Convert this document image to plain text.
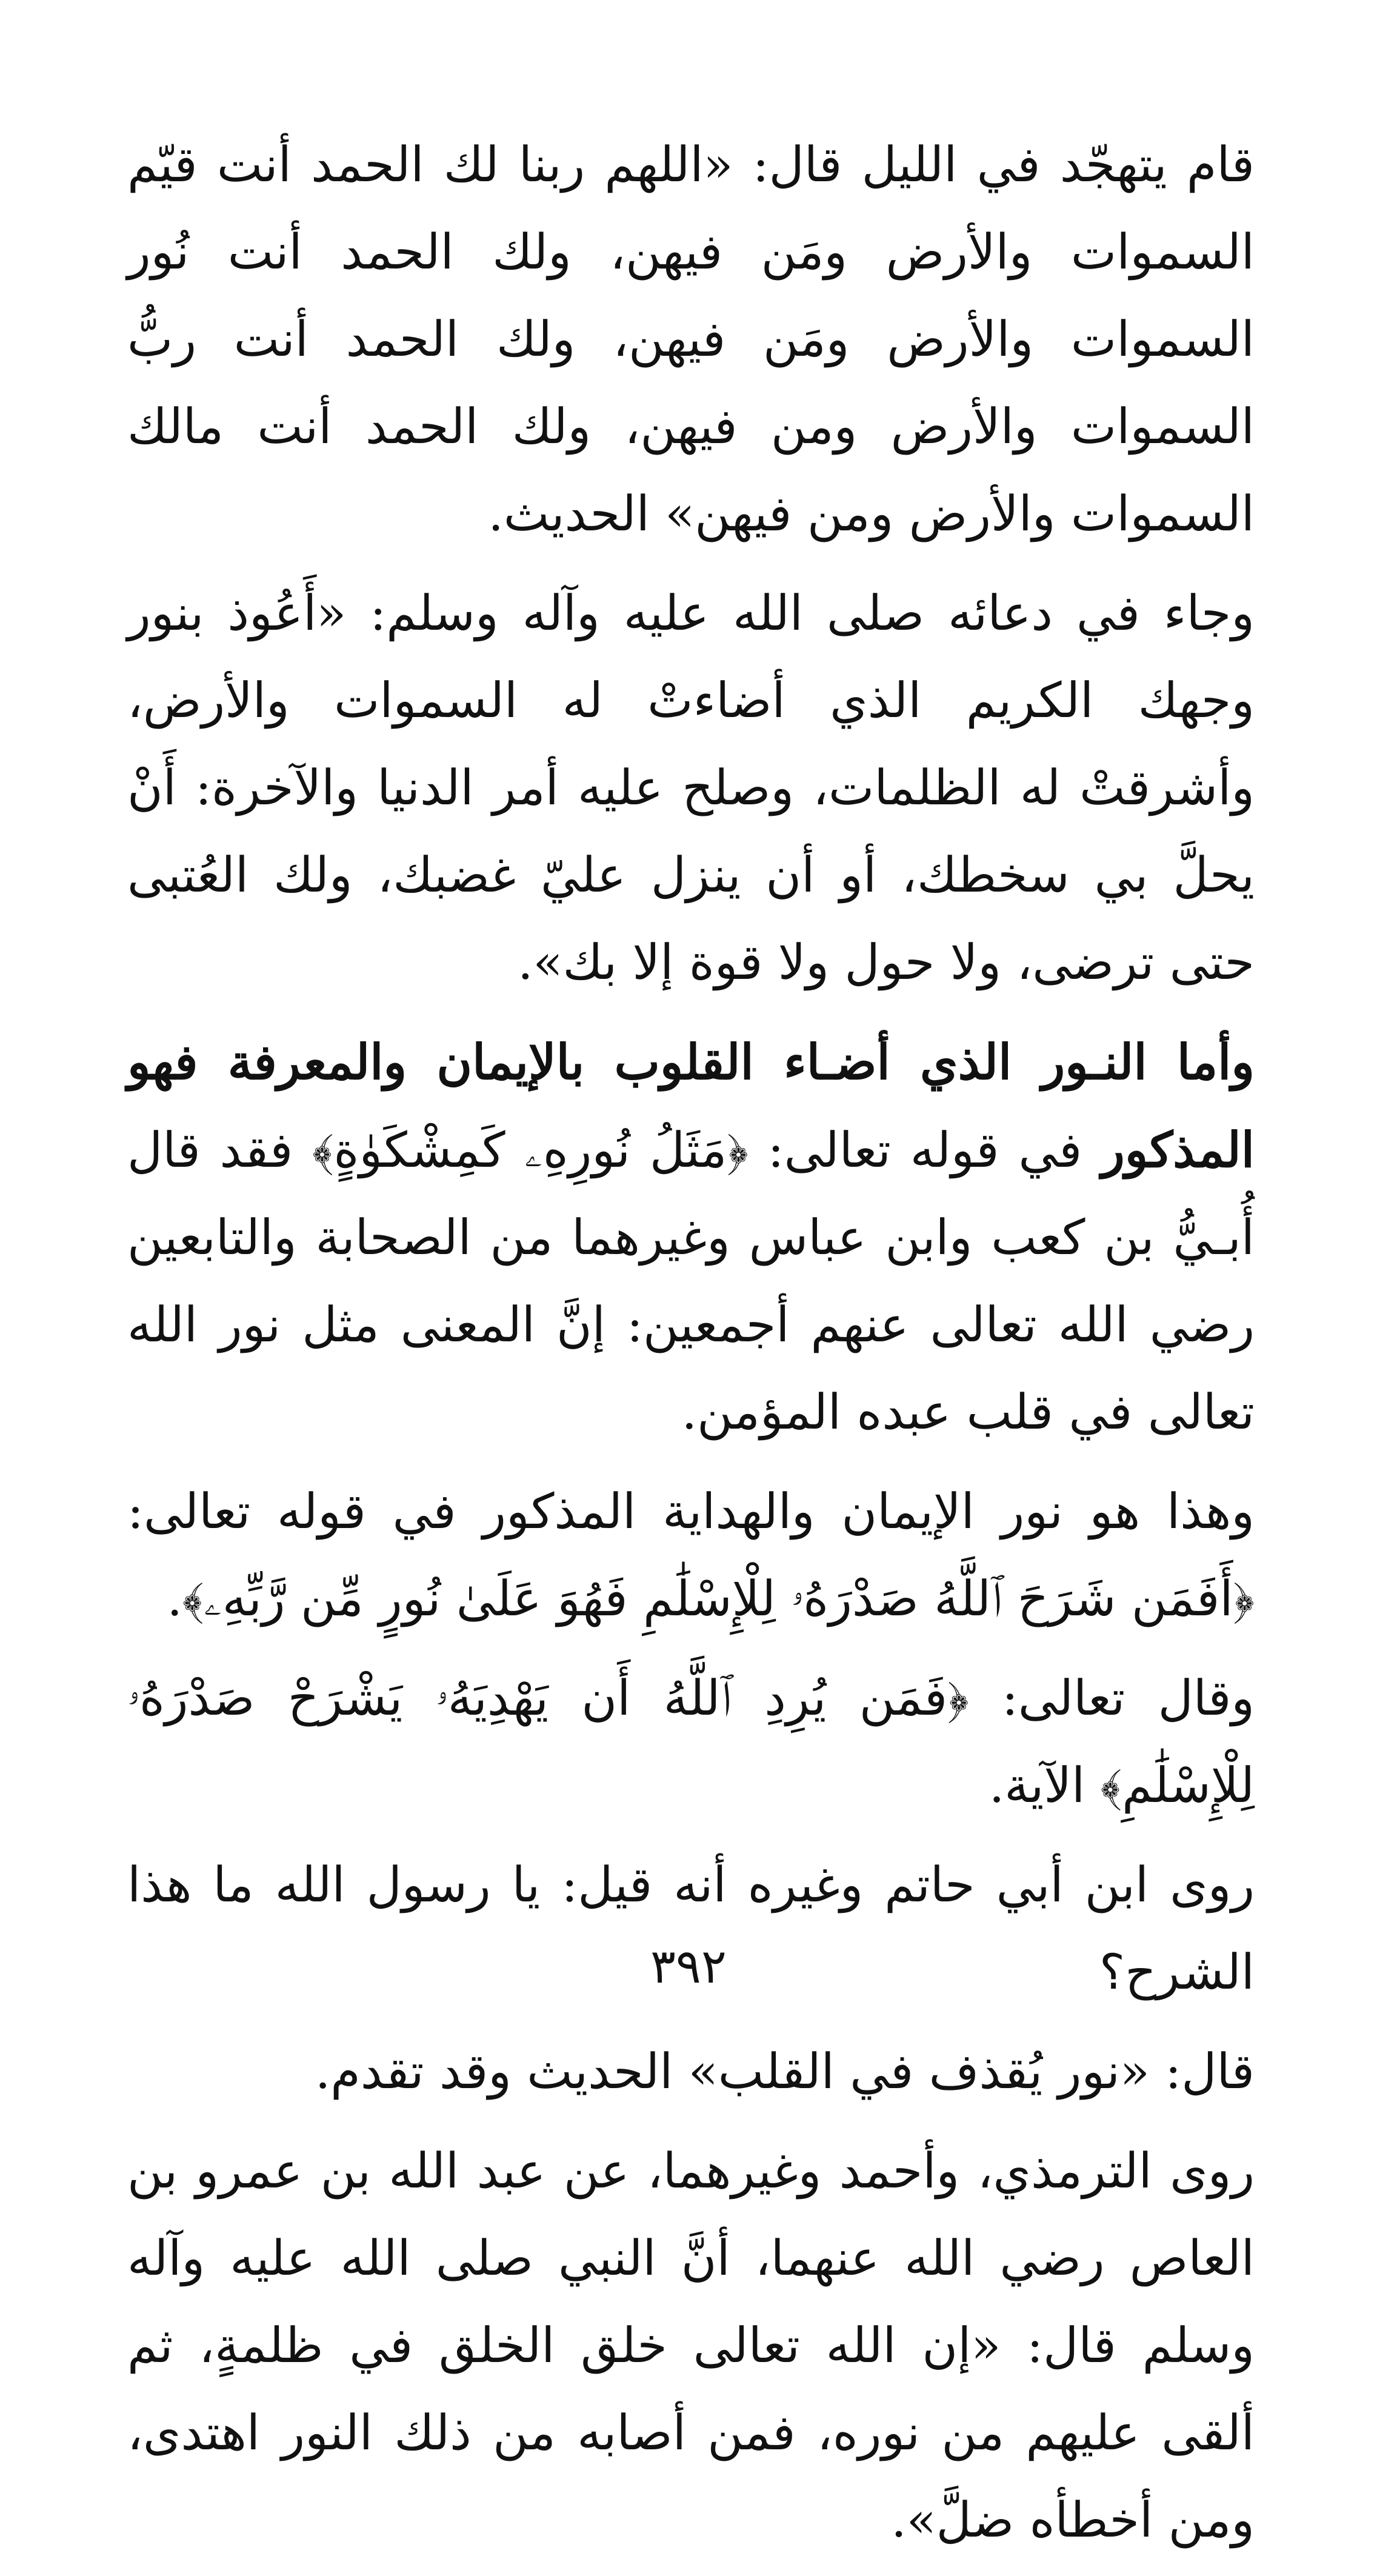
قام يتهجّد في الليل قال: «اللهم ربنا لك الحمد أنت قيّم السموات والأرض ومَن فيهن، ولك الحمد أنت نُور السموات والأرض ومَن فيهن، ولك الحمد أنت ربُّ السموات والأرض ومن فيهن، ولك الحمد أنت مالك السموات والأرض ومن فيهن» الحديث.

وجاء في دعائه صلى الله عليه وآله وسلم: «أَعُوذ بنور وجهك الكريم الذي أضاءتْ له السموات والأرض، وأشرقتْ له الظلمات، وصلح عليه أمر الدنيا والآخرة: أَنْ يحلَّ بي سخطك، أو أن ينزل عليّ غضبك، ولك العُتبى حتى ترضى، ولا حول ولا قوة إلا بك».

وأما النـور الذي أضـاء القلوب بالإيمان والمعرفة فهو المذكور في قوله تعالى: ﴿مَثَلُ نُورِهِۦ كَمِشْكَوٰةٍ﴾ فقد قال أُبـيُّ بن كعب وابن عباس وغيرهما من الصحابة والتابعين رضي الله تعالى عنهم أجمعين: إنَّ المعنى مثل نور الله تعالى في قلب عبده المؤمن.

وهذا هو نور الإيمان والهداية المذكور في قوله تعالى: ﴿أَفَمَن شَرَحَ ٱللَّهُ صَدْرَهُۥ لِلْإِسْلَٰمِ فَهُوَ عَلَىٰ نُورٍ مِّن رَّبِّهِۦ﴾.

وقال تعالى: ﴿فَمَن يُرِدِ ٱللَّهُ أَن يَهْدِيَهُۥ يَشْرَحْ صَدْرَهُۥ لِلْإِسْلَٰمِ﴾ الآية.

روى ابن أبي حاتم وغيره أنه قيل: يا رسول الله ما هذا الشرح؟

قال: «نور يُقذف في القلب» الحديث وقد تقدم.

روى الترمذي، وأحمد وغيرهما، عن عبد الله بن عمرو بن العاص رضي الله عنهما، أنَّ النبي صلى الله عليه وآله وسلم قال: «إن الله تعالى خلق الخلق في ظلمةٍ، ثم ألقى عليهم من نوره، فمن أصابه من ذلك النور اهتدى، ومن أخطأه ضلَّ».

٣٩٢
